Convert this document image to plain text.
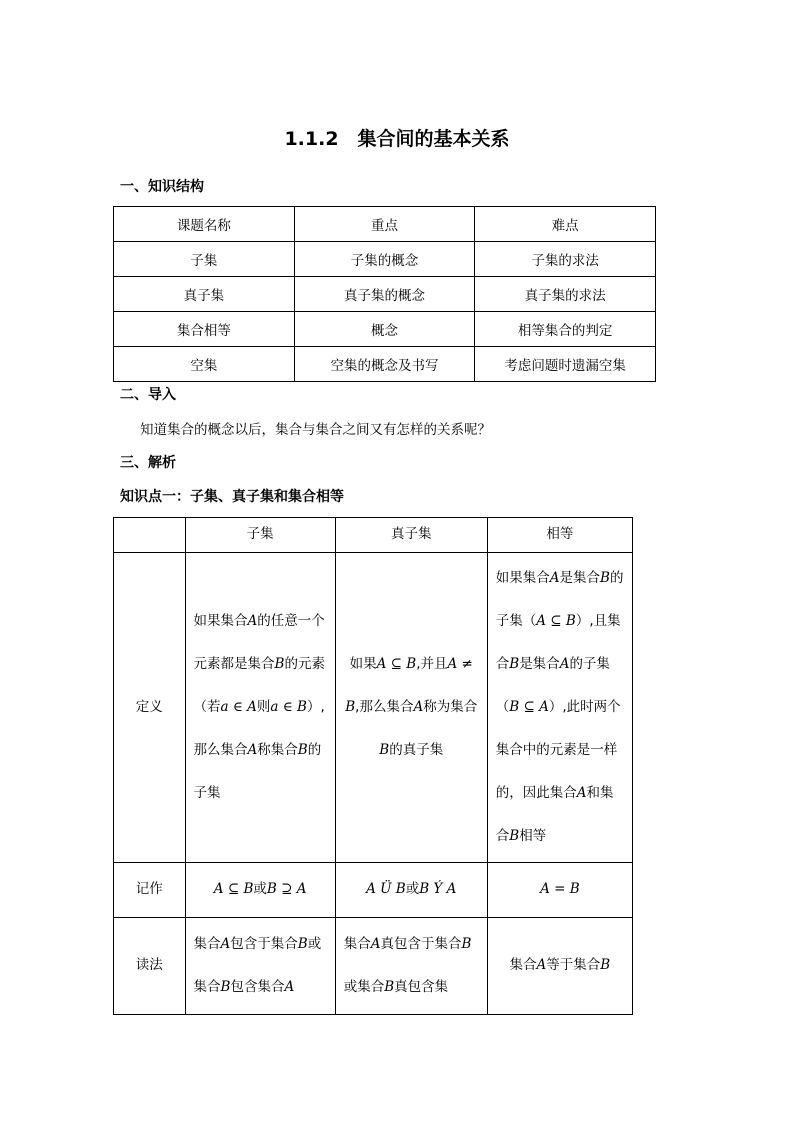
1.1.2　集合间的基本关系
一、知识结构
课题名称	重点	难点
子集	子集的概念	子集的求法
真子集	真子集的概念	真子集的求法
集合相等	概念	相等集合的判定
空集	空集的概念及书写	考虑问题时遗漏空集
二、导入
知道集合的概念以后，集合与集合之间又有怎样的关系呢？
三、解析
知识点一：子集、真子集和集合相等
	子集	真子集	相等
定义	如果集合A的任意一个元素都是集合B的元素（若a ∈ A则a ∈ B）,那么集合A称集合B的子集	如果A ⊆ B,并且A ≠ B,那么集合A称为集合B的真子集	如果集合A是集合B的子集（A ⊆ B）,且集合B是集合A的子集（B ⊆ A）,此时两个集合中的元素是一样的，因此集合A和集合B相等

记作	A ⊆ B或B ⊇ A	A Ü B或B Ý A	A = B
读法	集合A包含于集合B或集合B包含集合A	集合A真包含于集合B或集合B真包含集	集合A等于集合B
